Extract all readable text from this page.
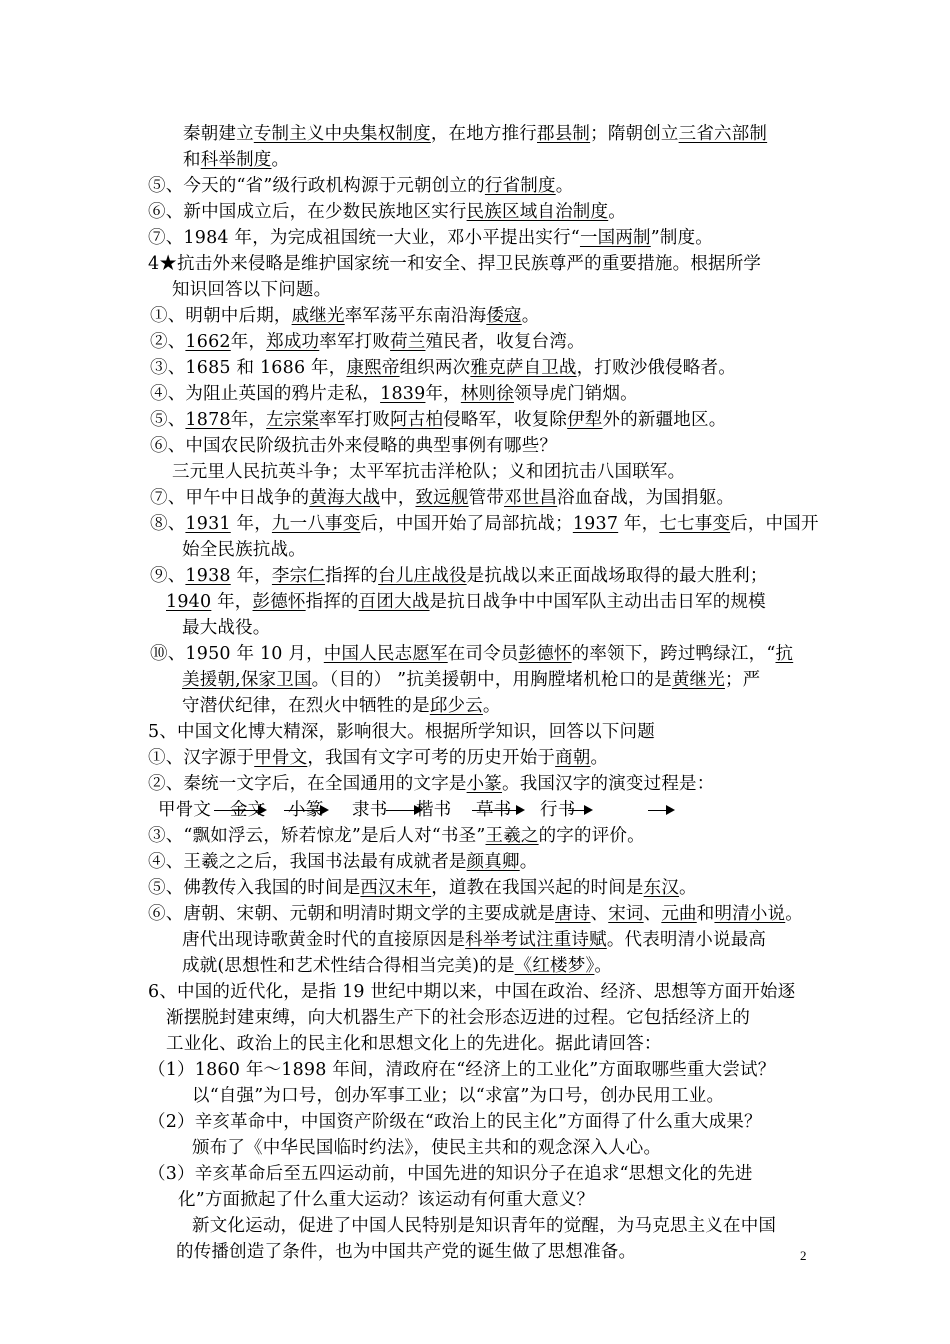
秦朝建立专制主义中央集权制度，在地方推行郡县制；隋朝创立三省六部制
和科举制度。
⑤、今天的“省”级行政机构源于元朝创立的行省制度。
⑥、新中国成立后，在少数民族地区实行民族区域自治制度。
⑦、1984 年，为完成祖国统一大业，邓小平提出实行“一国两制”制度。
4★抗击外来侵略是维护国家统一和安全、捍卫民族尊严的重要措施。根据所学
知识回答以下问题。
①、明朝中后期，戚继光率军荡平东南沿海倭寇。
②、1662年，郑成功率军打败荷兰殖民者，收复台湾。
③、1685 和 1686 年，康熙帝组织两次雅克萨自卫战，打败沙俄侵略者。
④、为阻止英国的鸦片走私，1839年，林则徐领导虎门销烟。
⑤、1878年，左宗棠率军打败阿古柏侵略军，收复除伊犁外的新疆地区。
⑥、中国农民阶级抗击外来侵略的典型事例有哪些？
三元里人民抗英斗争；太平军抗击洋枪队；义和团抗击八国联军。
⑦、甲午中日战争的黄海大战中，致远舰管带邓世昌浴血奋战，为国捐躯。
⑧、1931 年，九一八事变后，中国开始了局部抗战；1937 年，七七事变后，中国开
始全民族抗战。
⑨、1938 年，李宗仁指挥的台儿庄战役是抗战以来正面战场取得的最大胜利；
1940 年，彭德怀指挥的百团大战是抗日战争中中国军队主动出击日军的规模
最大战役。
⑩、1950 年 10 月，中国人民志愿军在司令员彭德怀的率领下，跨过鸭绿江，“抗
美援朝,保家卫国。（目的） ”抗美援朝中，用胸膛堵机枪口的是黄继光；严
守潜伏纪律，在烈火中牺牲的是邱少云。
5、中国文化博大精深，影响很大。根据所学知识，回答以下问题
①、汉字源于甲骨文，我国有文字可考的历史开始于商朝。
②、秦统一文字后，在全国通用的文字是小篆。我国汉字的演变过程是：
甲骨文 金文 小篆 隶书 楷书 草书 行书
③、“飘如浮云，矫若惊龙”是后人对“书圣”王羲之的字的评价。
④、王羲之之后，我国书法最有成就者是颜真卿。
⑤、佛教传入我国的时间是西汉末年，道教在我国兴起的时间是东汉。
⑥、唐朝、宋朝、元朝和明清时期文学的主要成就是唐诗、宋词、元曲和明清小说。
唐代出现诗歌黄金时代的直接原因是科举考试注重诗赋。代表明清小说最高
成就(思想性和艺术性结合得相当完美)的是《红楼梦》。
6、中国的近代化，是指 19 世纪中期以来，中国在政治、经济、思想等方面开始逐
渐摆脱封建束缚，向大机器生产下的社会形态迈进的过程。它包括经济上的
工业化、政治上的民主化和思想文化上的先进化。据此请回答：
（1）1860 年～1898 年间，清政府在“经济上的工业化”方面取哪些重大尝试？
以“自强”为口号，创办军事工业；以“求富”为口号，创办民用工业。
（2）辛亥革命中，中国资产阶级在“政治上的民主化”方面得了什么重大成果？
颁布了《中华民国临时约法》，使民主共和的观念深入人心。
（3）辛亥革命后至五四运动前，中国先进的知识分子在追求“思想文化的先进
化”方面掀起了什么重大运动？该运动有何重大意义？
新文化运动，促进了中国人民特别是知识青年的觉醒，为马克思主义在中国
的传播创造了条件，也为中国共产党的诞生做了思想准备。	2
